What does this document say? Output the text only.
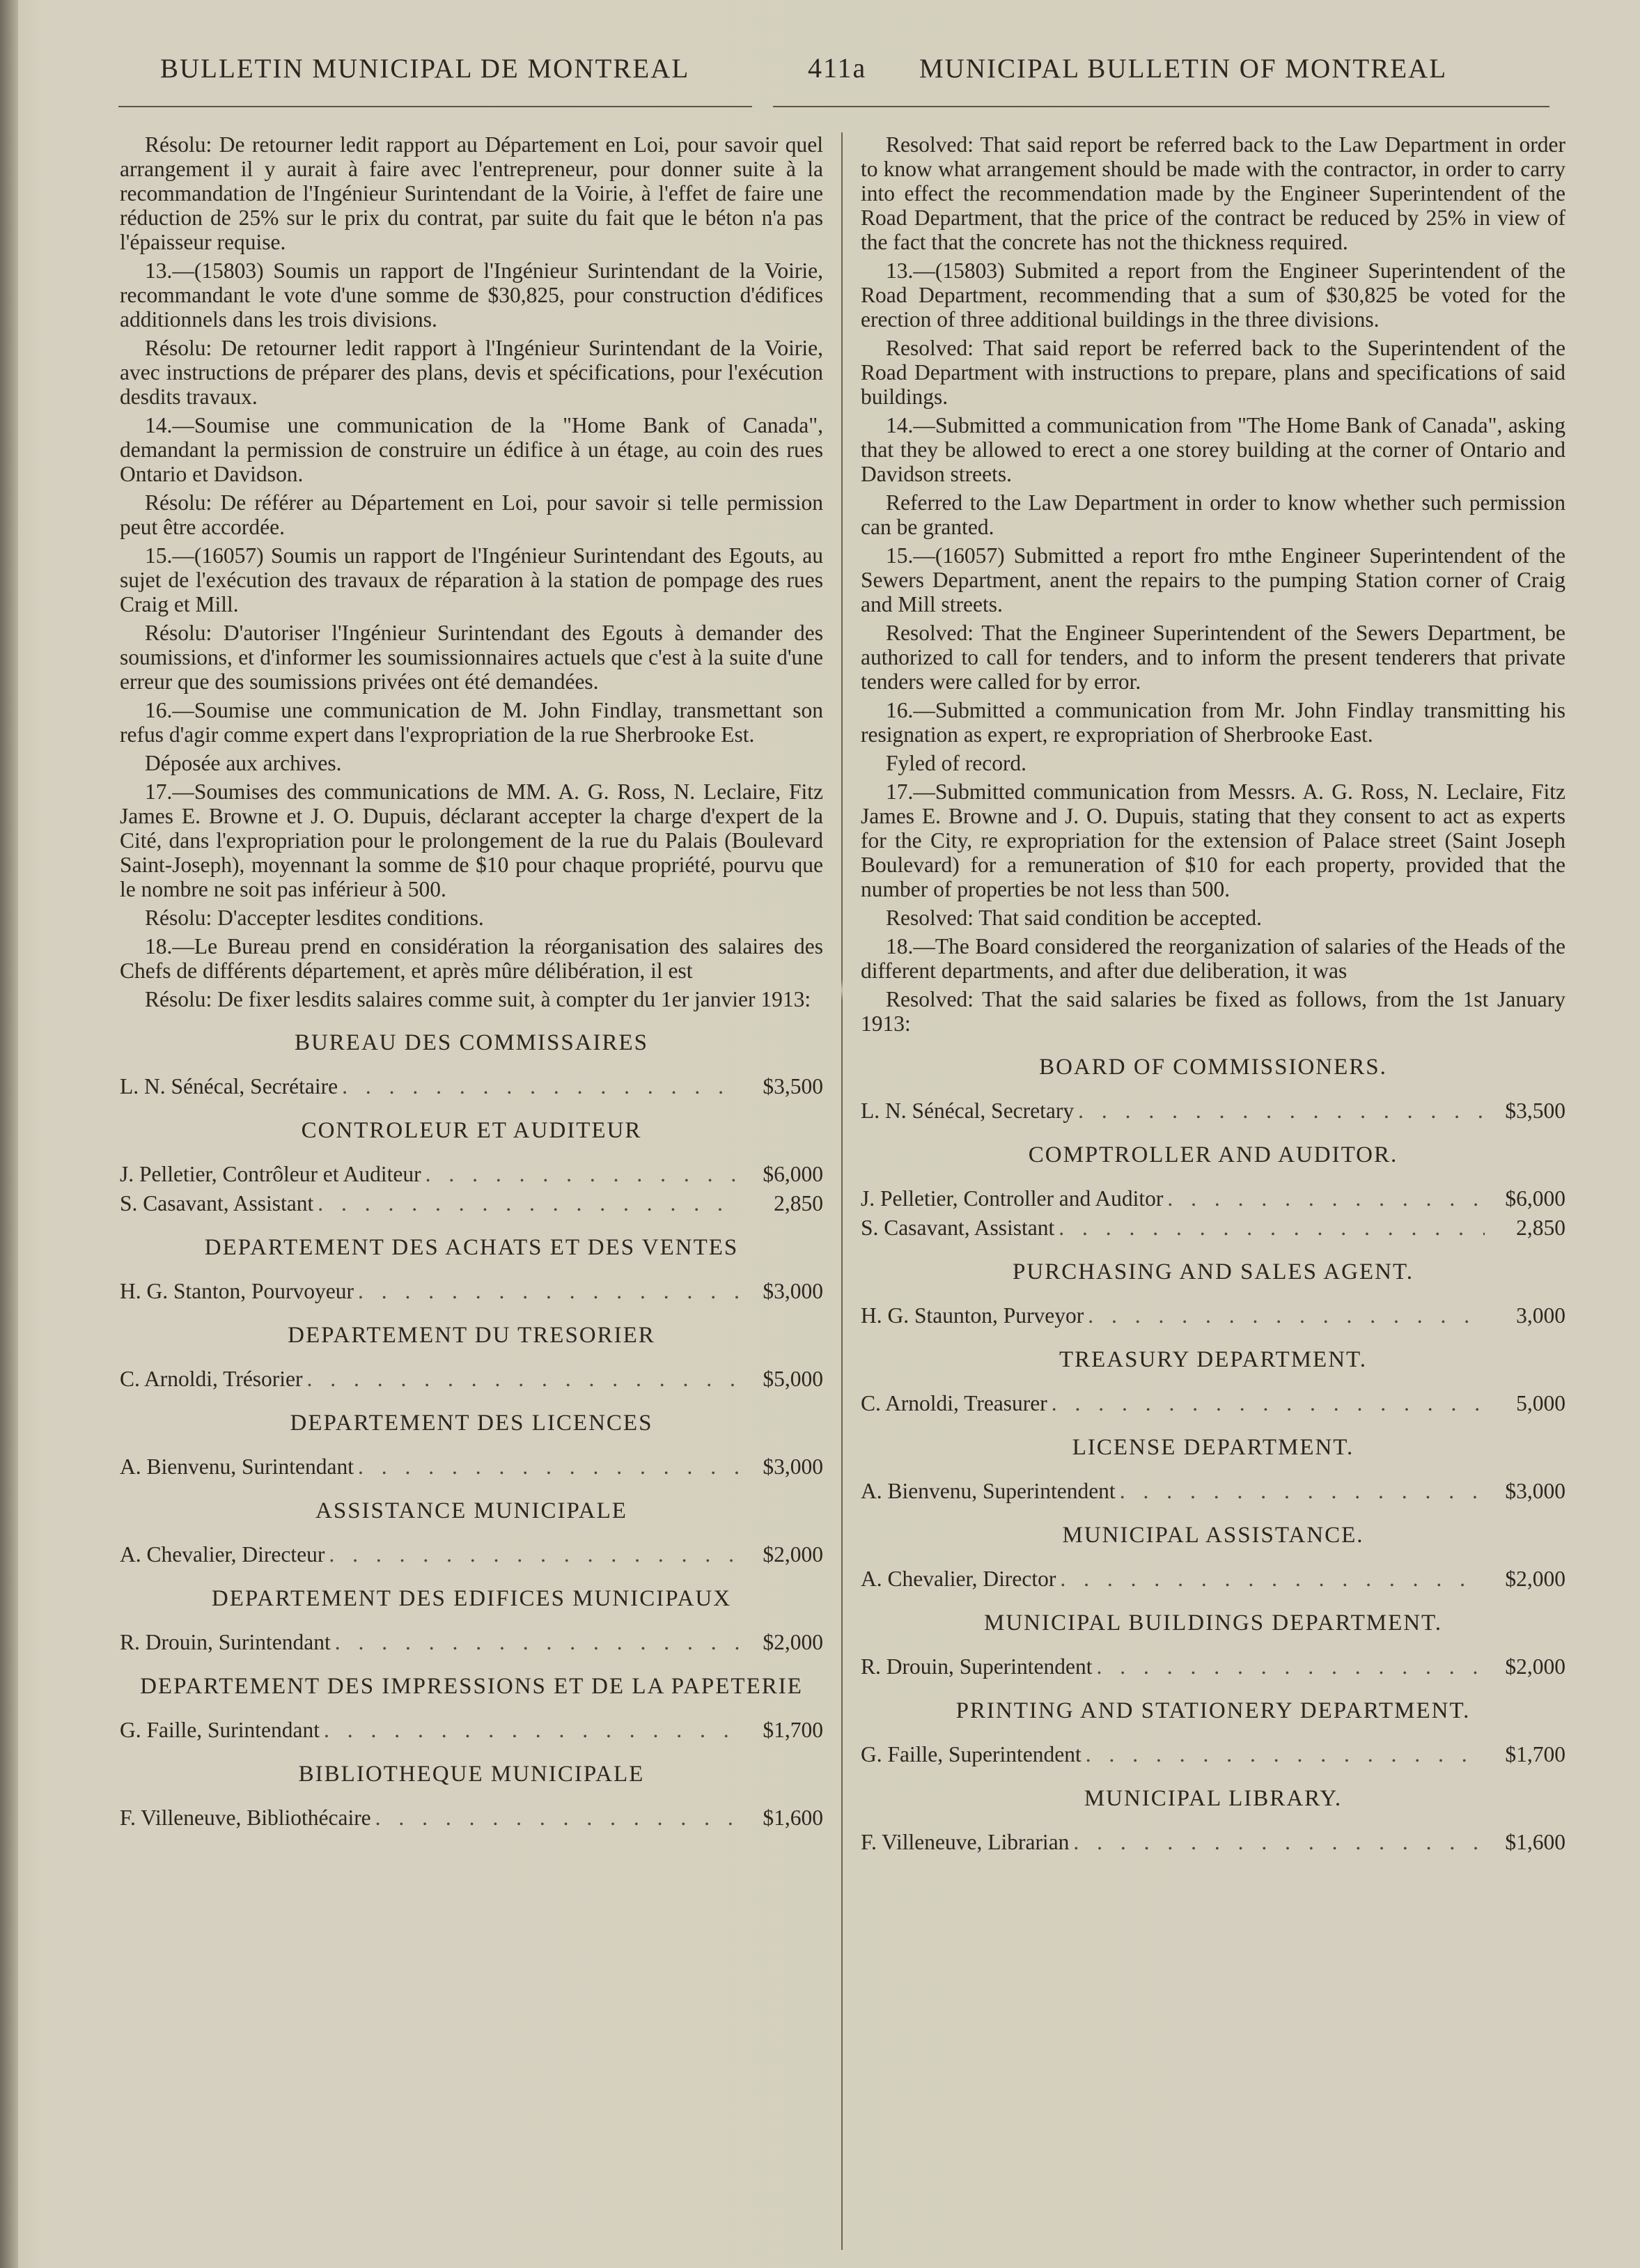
BULLETIN MUNICIPAL DE MONTREAL	411a MUNICIPAL BULLETIN OF MONTREAL

Résolu: De retourner ledit rapport au Département en Loi, pour savoir quel arrangement il y aurait à faire avec l'entrepreneur, pour donner suite à la recommandation de l'Ingénieur Surintendant de la Voirie, à l'effet de faire une réduction de 25% sur le prix du contrat, par suite du fait que le béton n'a pas l'épaisseur requise.

13.—(15803) Soumis un rapport de l'Ingénieur Surintendant de la Voirie, recommandant le vote d'une somme de $30,825, pour construction d'édifices additionnels dans les trois divisions.

Résolu: De retourner ledit rapport à l'Ingénieur Surintendant de la Voirie, avec instructions de préparer des plans, devis et spécifications, pour l'exécution desdits travaux.

14.—Soumise une communication de la "Home Bank of Canada", demandant la permission de construire un édifice à un étage, au coin des rues Ontario et Davidson.

Résolu: De référer au Département en Loi, pour savoir si telle permission peut être accordée.

15.—(16057) Soumis un rapport de l'Ingénieur Surintendant des Egouts, au sujet de l'exécution des travaux de réparation à la station de pompage des rues Craig et Mill.

Résolu: D'autoriser l'Ingénieur Surintendant des Egouts à demander des soumissions, et d'informer les soumissionnaires actuels que c'est à la suite d'une erreur que des soumissions privées ont été demandées.

16.—Soumise une communication de M. John Findlay, transmettant son refus d'agir comme expert dans l'expropriation de la rue Sherbrooke Est.

Déposée aux archives.

17.—Soumises des communications de MM. A. G. Ross, N. Leclaire, Fitz James E. Browne et J. O. Dupuis, déclarant accepter la charge d'expert de la Cité, dans l'expropriation pour le prolongement de la rue du Palais (Boulevard Saint-Joseph), moyennant la somme de $10 pour chaque propriété, pourvu que le nombre ne soit pas inférieur à 500.

Résolu: D'accepter lesdites conditions.

18.—Le Bureau prend en considération la réorganisation des salaires des Chefs de différents département, et après mûre délibération, il est

Résolu: De fixer lesdits salaires comme suit, à compter du 1er janvier 1913:

BUREAU DES COMMISSAIRES
L. N. Sénécal, Secrétaire . . .	$3,500
CONTROLEUR ET AUDITEUR
J. Pelletier, Contrôleur et Auditeur . . .	$6,000
S. Casavant, Assistant . . .	2,850
DEPARTEMENT DES ACHATS ET DES VENTES
H. G. Stanton, Pourvoyeur . . .	$3,000
DEPARTEMENT DU TRESORIER
C. Arnoldi, Trésorier . . .	$5,000
DEPARTEMENT DES LICENCES
A. Bienvenu, Surintendant . . .	$3,000
ASSISTANCE MUNICIPALE
A. Chevalier, Directeur . . .	$2,000
DEPARTEMENT DES EDIFICES MUNICIPAUX
R. Drouin, Surintendant . . .	$2,000
DEPARTEMENT DES IMPRESSIONS ET DE LA PAPETERIE
G. Faille, Surintendant . . .	$1,700
BIBLIOTHEQUE MUNICIPALE
F. Villeneuve, Bibliothécaire . . .	$1,600

Resolved: That said report be referred back to the Law Department in order to know what arrangement should be made with the contractor, in order to carry into effect the recommendation made by the Engineer Superintendent of the Road Department, that the price of the contract be reduced by 25% in view of the fact that the concrete has not the thickness required.

13.—(15803) Submited a report from the Engineer Superintendent of the Road Department, recommending that a sum of $30,825 be voted for the erection of three additional buildings in the three divisions.

Resolved: That said report be referred back to the Superintendent of the Road Department with instructions to prepare, plans and specifications of said buildings.

14.—Submitted a communication from "The Home Bank of Canada", asking that they be allowed to erect a one storey building at the corner of Ontario and Davidson streets.

Referred to the Law Department in order to know whether such permission can be granted.

15.—(16057) Submitted a report fro mthe Engineer Superintendent of the Sewers Department, anent the repairs to the pumping Station corner of Craig and Mill streets.

Resolved: That the Engineer Superintendent of the Sewers Department, be authorized to call for tenders, and to inform the present tenderers that private tenders were called for by error.

16.—Submitted a communication from Mr. John Findlay transmitting his resignation as expert, re expropriation of Sherbrooke East.

Fyled of record.

17.—Submitted communication from Messrs. A. G. Ross, N. Leclaire, Fitz James E. Browne and J. O. Dupuis, stating that they consent to act as experts for the City, re expropriation for the extension of Palace street (Saint Joseph Boulevard) for a remuneration of $10 for each property, provided that the number of properties be not less than 500.

Resolved: That said condition be accepted.

18.—The Board considered the reorganization of salaries of the Heads of the different departments, and after due deliberation, it was

Resolved: That the said salaries be fixed as follows, from the 1st January 1913:

BOARD OF COMMISSIONERS.
L. N. Sénécal, Secretary . . .	$3,500
COMPTROLLER AND AUDITOR.
J. Pelletier, Controller and Auditor . . .	$6,000
S. Casavant, Assistant . . .	2,850
PURCHASING AND SALES AGENT.
H. G. Staunton, Purveyor . . .	3,000
TREASURY DEPARTMENT.
C. Arnoldi, Treasurer . . .	5,000
LICENSE DEPARTMENT.
A. Bienvenu, Superintendent . . .	$3,000
MUNICIPAL ASSISTANCE.
A. Chevalier, Director . . .	$2,000
MUNICIPAL BUILDINGS DEPARTMENT.
R. Drouin, Superintendent . . .	$2,000
PRINTING AND STATIONERY DEPARTMENT.
G. Faille, Superintendent . . .	$1,700
MUNICIPAL LIBRARY.
F. Villeneuve, Librarian . . .	$1,600
